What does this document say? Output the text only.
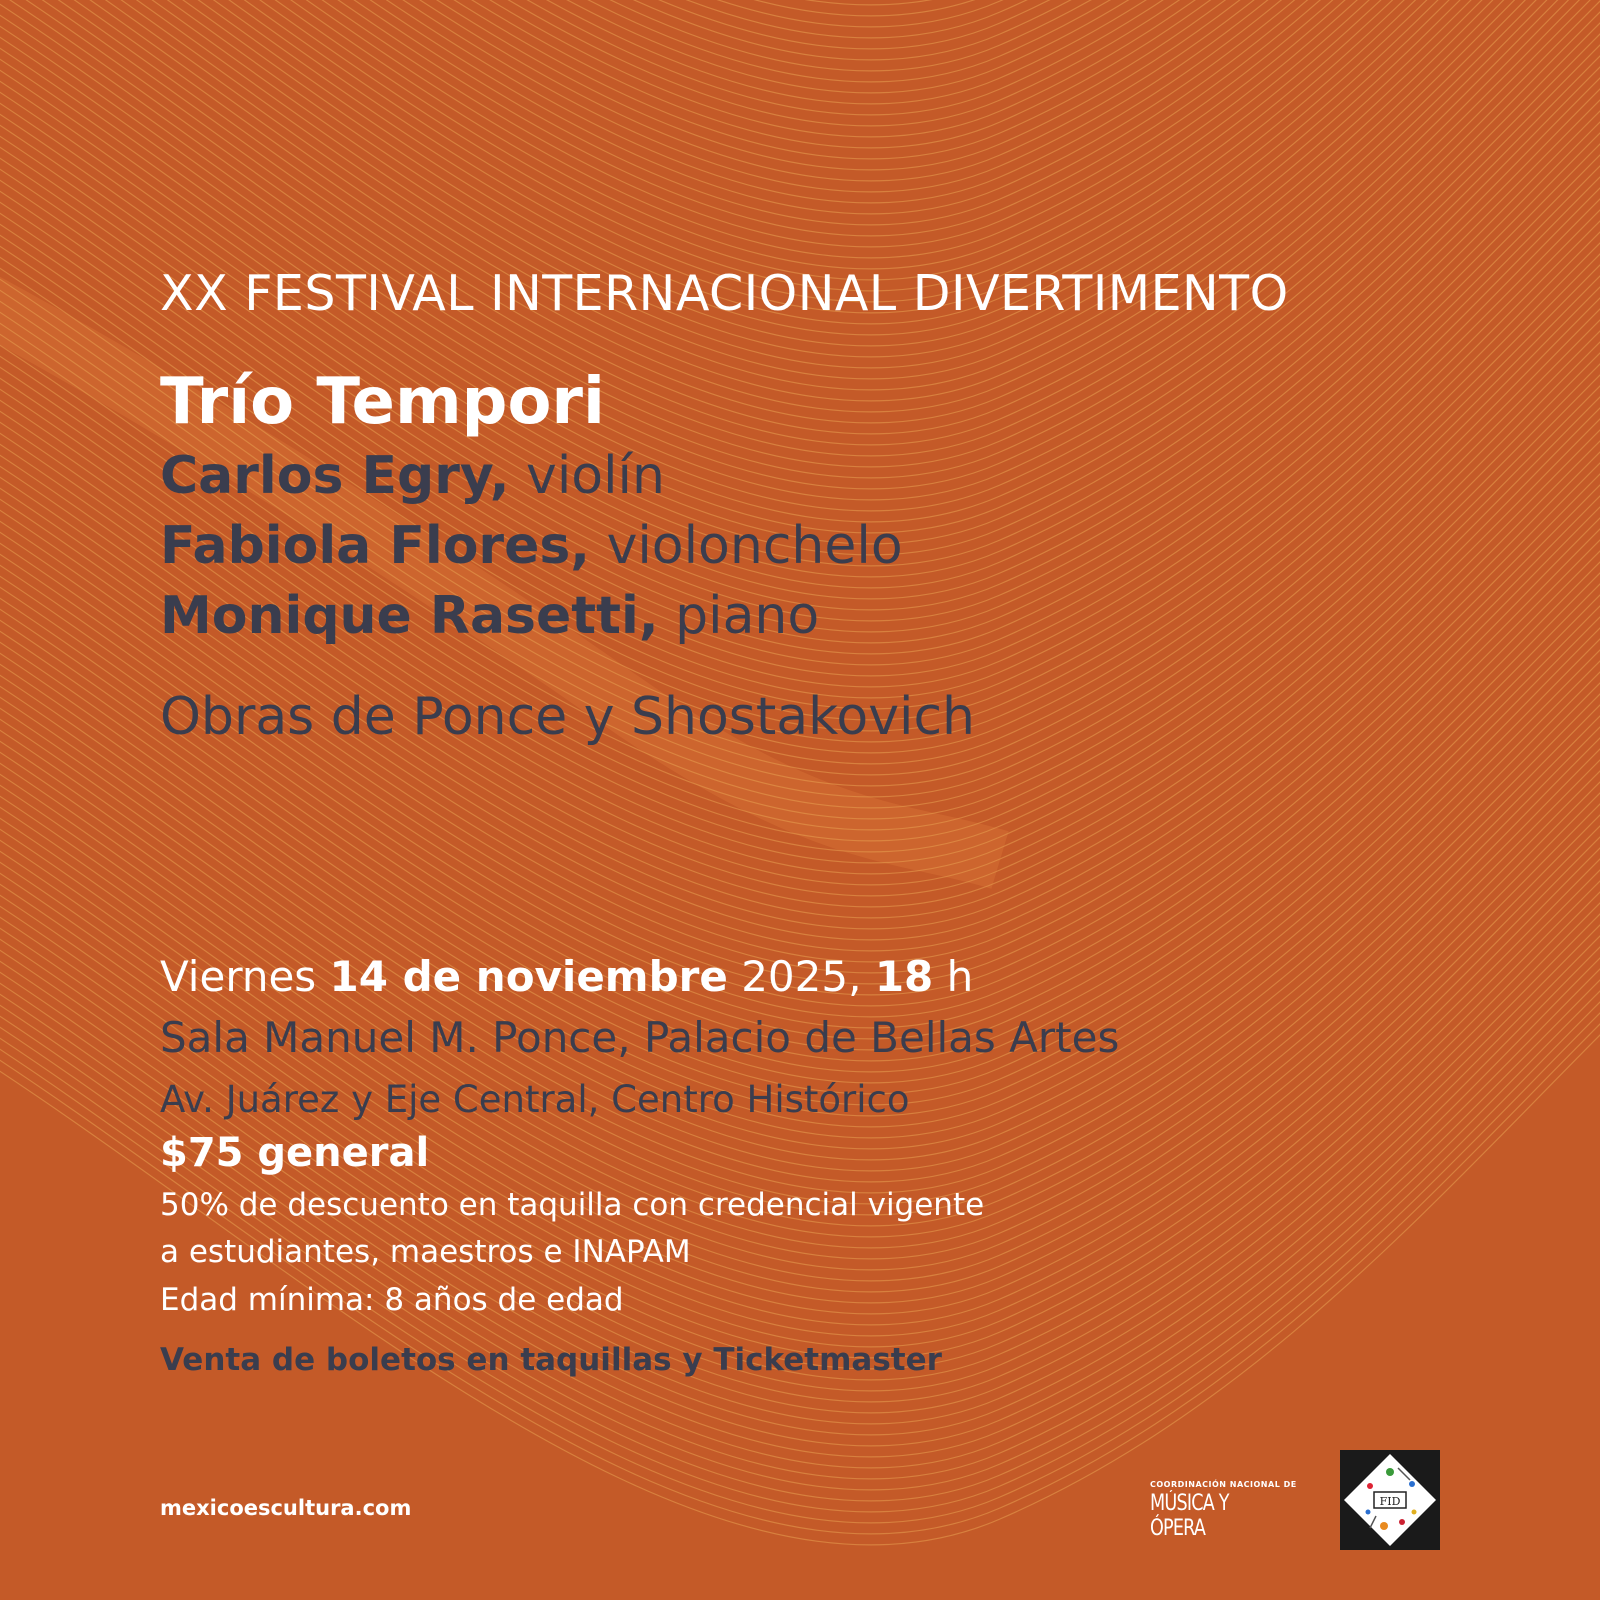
XX FESTIVAL INTERNACIONAL DIVERTIMENTO
Trío Tempori
Carlos Egry, violín
Fabiola Flores, violonchelo
Monique Rasetti, piano
Obras de Ponce y Shostakovich
Viernes 14 de noviembre 2025, 18 h
Sala Manuel M. Ponce, Palacio de Bellas Artes
Av. Juárez y Eje Central, Centro Histórico
$75 general
50% de descuento en taquilla con credencial vigente
a estudiantes, maestros e INAPAM
Edad mínima: 8 años de edad
Venta de boletos en taquillas y Ticketmaster
mexicoescultura.com
COORDINACIÓN NACIONAL DE
MÚSICA Y ÓPERA
FID
